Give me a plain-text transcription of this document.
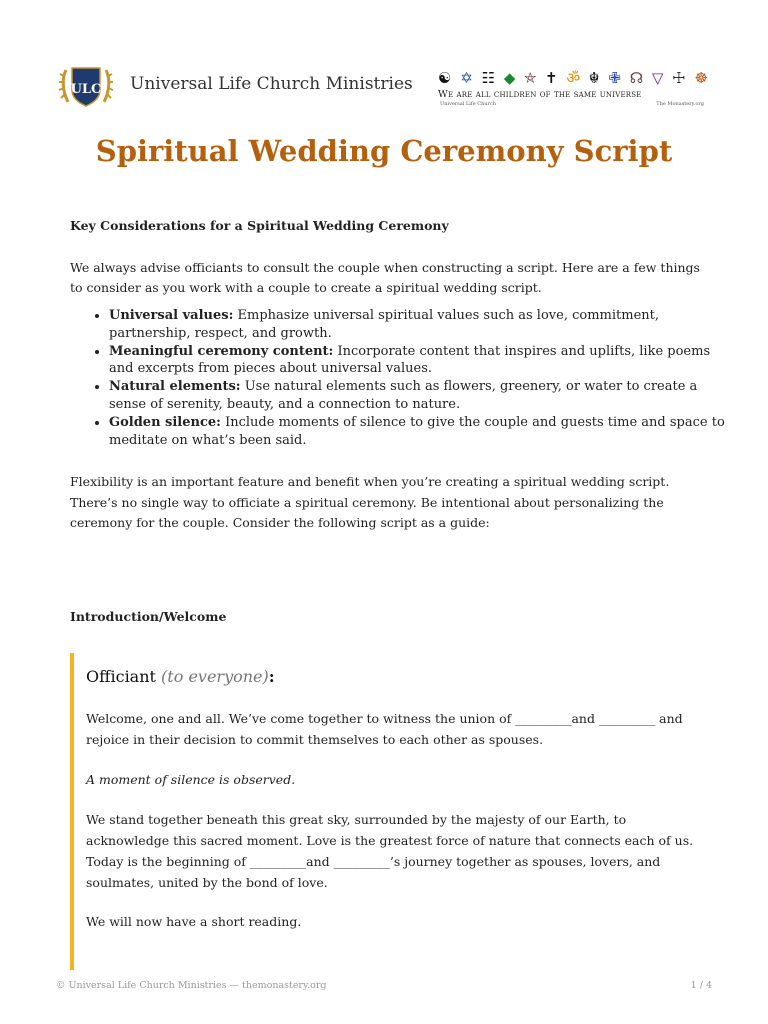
ULC Universal Life Church Ministries ☯ ✡ ☷ ◆ ⛤ ✝ ॐ ☬ ✙ ☊ ▽ ☩ ☸
We are all children of the same universe
Universal Life Church	The Monastery.org
Spiritual Wedding Ceremony Script
Key Considerations for a Spiritual Wedding Ceremony

We always advise officiants to consult the couple when constructing a script. Here are a few things to consider as you work with a couple to create a spiritual wedding script.

• Universal values: Emphasize universal spiritual values such as love, commitment, partnership, respect, and growth.
• Meaningful ceremony content: Incorporate content that inspires and uplifts, like poems and excerpts from pieces about universal values.
• Natural elements: Use natural elements such as flowers, greenery, or water to create a sense of serenity, beauty, and a connection to nature.
• Golden silence: Include moments of silence to give the couple and guests time and space to meditate on what’s been said.

Flexibility is an important feature and benefit when you’re creating a spiritual wedding script. There’s no single way to officiate a spiritual ceremony. Be intentional about personalizing the ceremony for the couple. Consider the following script as a guide:

Introduction/Welcome

Officiant (to everyone):

Welcome, one and all. We’ve come together to witness the union of _________and _________ and rejoice in their decision to commit themselves to each other as spouses.

A moment of silence is observed.

We stand together beneath this great sky, surrounded by the majesty of our Earth, to acknowledge this sacred moment. Love is the greatest force of nature that connects each of us. Today is the beginning of _________and _________’s journey together as spouses, lovers, and soulmates, united by the bond of love.

We will now have a short reading.

© Universal Life Church Ministries — themonastery.org	1 / 4
